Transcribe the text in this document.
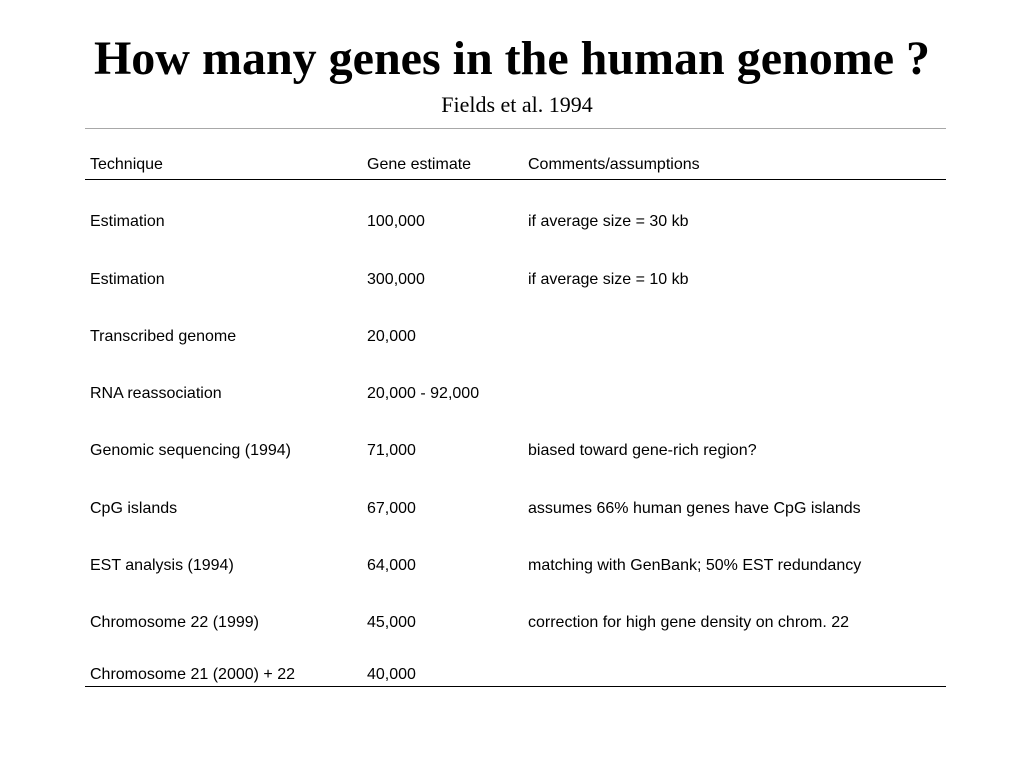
How many genes in the human genome ?
Fields et al. 1994
Technique	Gene estimate	Comments/assumptions
Estimation	100,000	if average size = 30 kb
Estimation	300,000	if average size = 10 kb
Transcribed genome	20,000	
RNA reassociation	20,000 - 92,000	
Genomic sequencing (1994)	71,000	biased toward gene-rich region?
CpG islands	67,000	assumes 66% human genes have CpG islands
EST analysis (1994)	64,000	matching with GenBank; 50% EST redundancy
Chromosome 22 (1999)	45,000	correction for high gene density on chrom. 22
Chromosome 21 (2000) + 22	40,000	
